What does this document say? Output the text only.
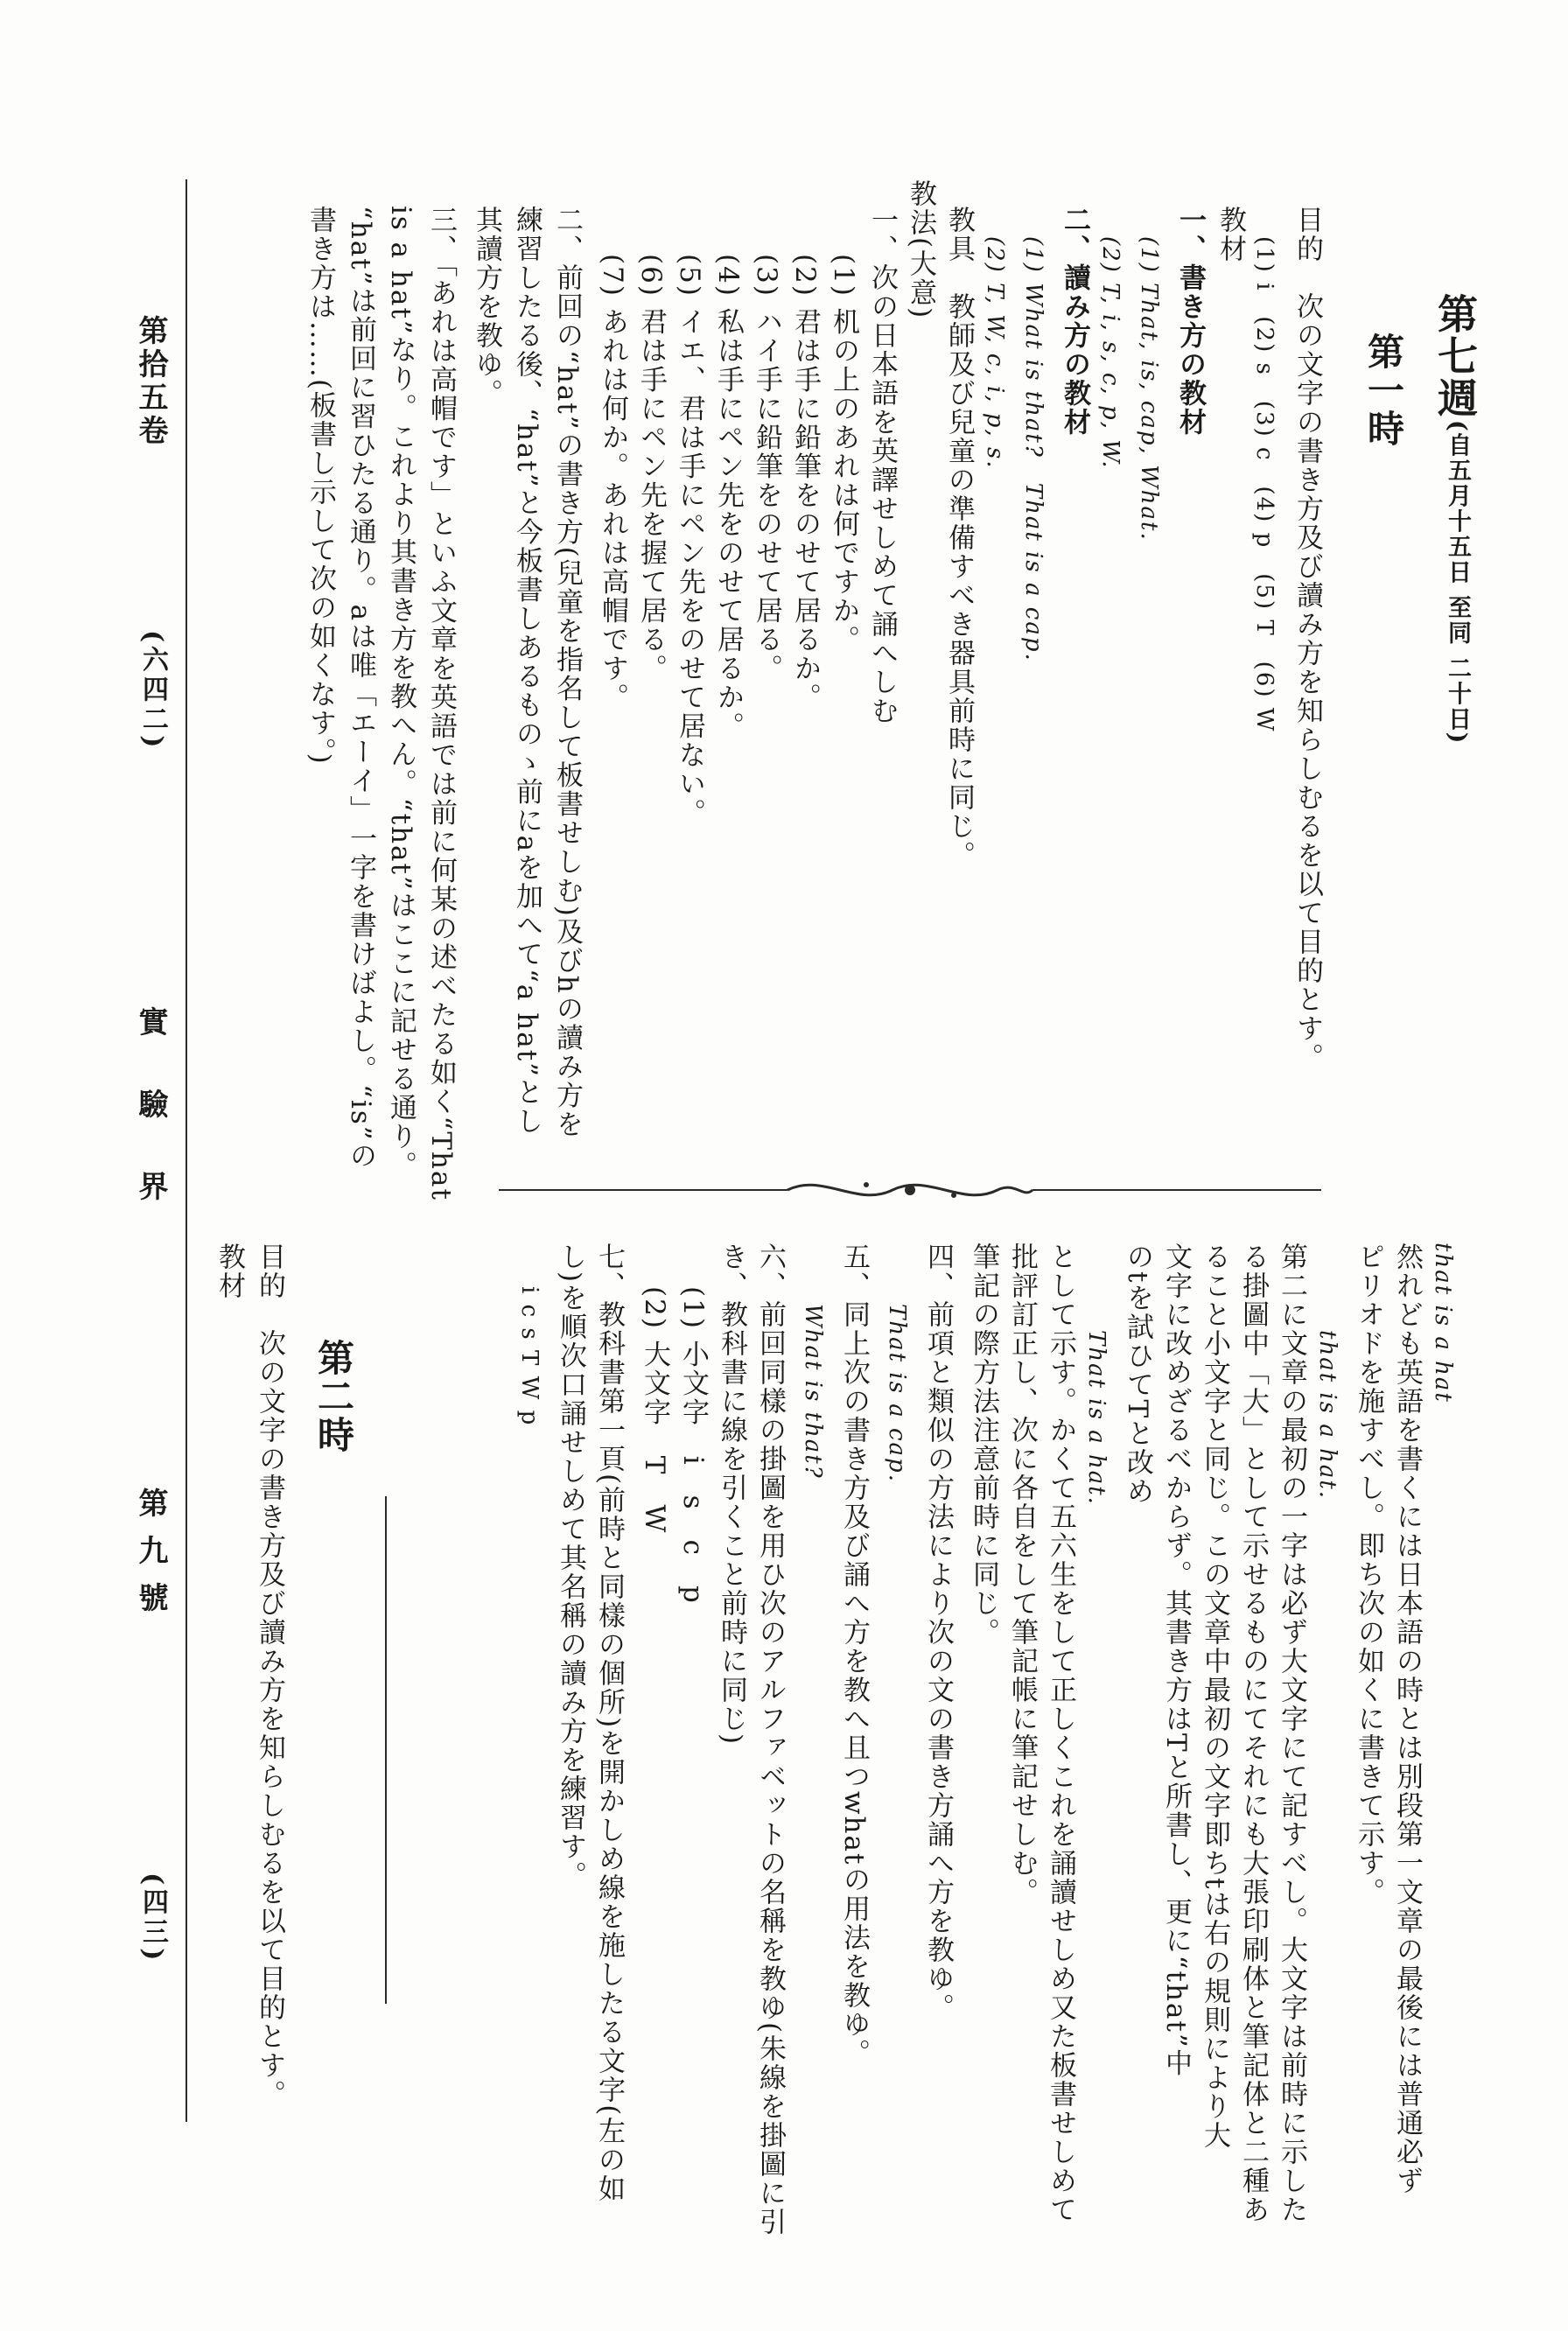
第拾五卷
(六四二)
實驗界
第九號
(四三)
第七週
(自五月十五日 至同 二十日)
第一時
目的　次の文字の書き方及び讀み方を知らしむるを以て目的とす。
(1) i　(2) s　(3) c　(4) p　(5) T　(6) W
教材
一、書き方の教材
(1) That, is, cap, What.
(2) T, i, s, c, p, W.
二、讀み方の教材
(1) What is that?　That is a cap.
(2) T, W, c, i, p, s.
教具　教師及び兒童の準備すべき器具前時に同じ。
教法(大意)
一、次の日本語を英譯せしめて誦へしむ
(1) 机の上のあれは何ですか。
(2) 君は手に鉛筆をのせて居るか。
(3) ハイ手に鉛筆をのせて居る。
(4) 私は手にペン先をのせて居るか。
(5) イエ、君は手にペン先をのせて居ない。
(6) 君は手にペン先を握て居る。
(7) あれは何か。あれは高帽です。
二、前回の“hat”の書き方(兒童を指名して板書せしむ)及びhの讀み方を
練習したる後、“hat”と今板書しあるものゝ前にaを加へて“a hat”とし
其讀方を教ゆ。
三、「あれは高帽です」といふ文章を英語では前に何某の述べたる如く“That
is a hat”なり。これより其書き方を教へん。“that”はここに記せる通り。
“hat”は前回に習ひたる通り。aは唯「エーイ」一字を書けばよし。“is”の
書き方は……(板書し示して次の如くなす。)
that is a hat
然れども英語を書くには日本語の時とは別段第一文章の最後には普通必ず
ピリオドを施すべし。即ち次の如くに書きて示す。
that is a hat.
第二に文章の最初の一字は必ず大文字にて記すべし。大文字は前時に示した
る掛圖中「大」として示せるものにてそれにも大張印刷体と筆記体と二種あ
ること小文字と同じ。この文章中最初の文字即ちtは右の規則により大
文字に改めざるべからず。其書き方はTと所書し、更に“that”中
のtを試ひてTと改め
That is a hat.
として示す。かくて五六生をして正しくこれを誦讀せしめ又た板書せしめて
批評訂正し、次に各自をして筆記帳に筆記せしむ。
筆記の際方法注意前時に同じ。
四、前項と類似の方法により次の文の書き方誦へ方を教ゆ。
That is a cap.
五、同上次の書き方及び誦へ方を教へ且つwhatの用法を教ゆ。
What is that?
六、前回同樣の掛圖を用ひ次のアルファベットの名稱を教ゆ(朱線を掛圖に引
き、教科書に線を引くこと前時に同じ)
(1) 小文字　i　s　c　p
(2) 大文字　T　W
七、教科書第一頁(前時と同樣の個所)を開かしめ線を施したる文字(左の如
し)を順次口誦せしめて其名稱の讀み方を練習す。
i c s T W p
第二時
目的　次の文字の書き方及び讀み方を知らしむるを以て目的とす。
教材
